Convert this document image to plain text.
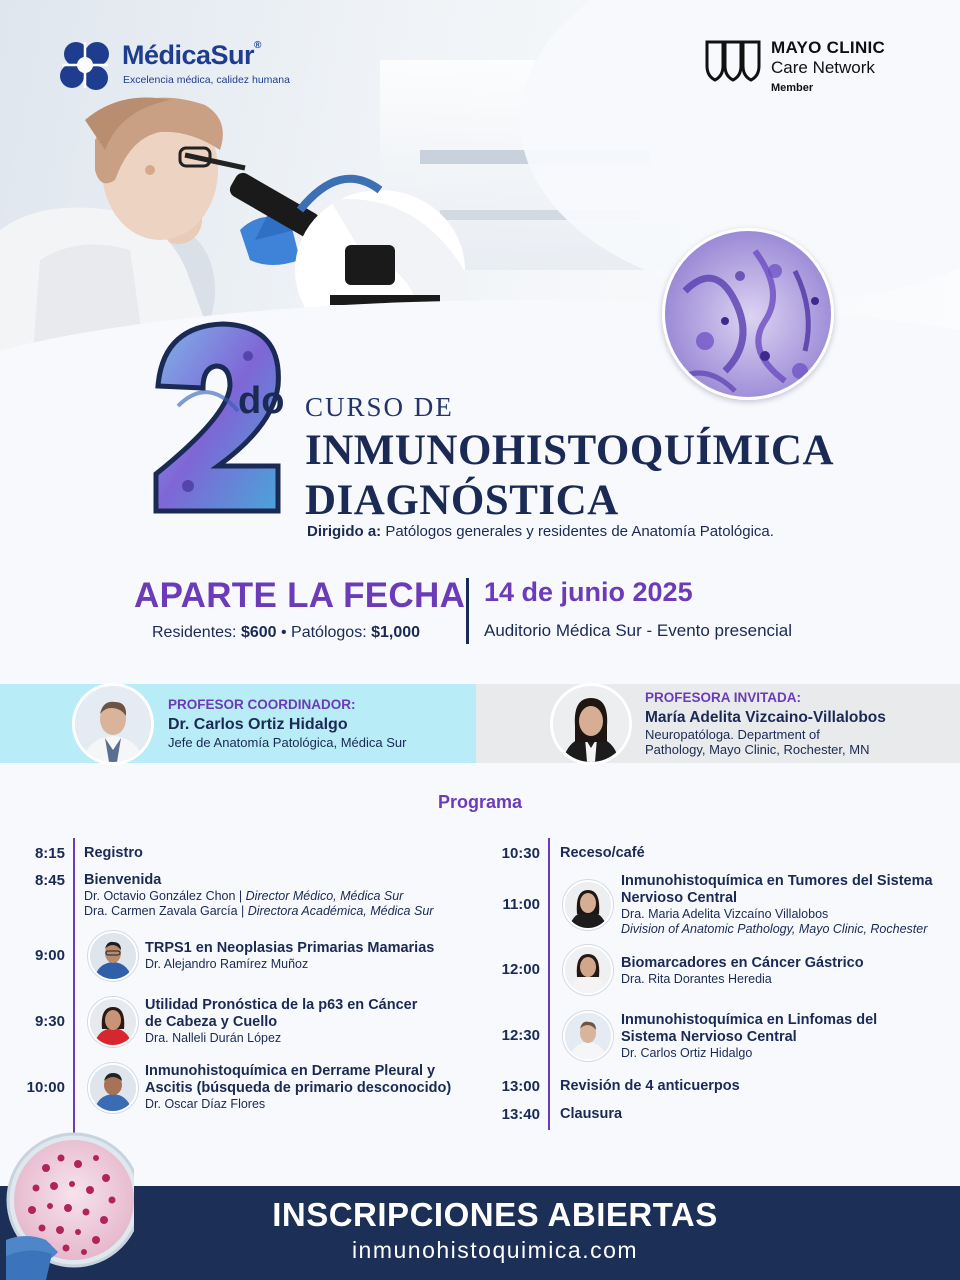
MédicaSur®
Excelencia médica, calidez humana
MAYO CLINIC
Care Network
Member
do CURSO DE
INMUNOHISTOQUÍMICA
DIAGNÓSTICA
Dirigido a: Patólogos generales y residentes de Anatomía Patológica.
APARTE LA FECHA
Residentes: $600 • Patólogos: $1,000
14 de junio 2025
Auditorio Médica Sur - Evento presencial
PROFESOR COORDINADOR:
Dr. Carlos Ortiz Hidalgo
Jefe de Anatomía Patológica, Médica Sur
PROFESORA INVITADA:
María Adelita Vizcaino-Villalobos
Neuropatóloga. Department of
Pathology, Mayo Clinic, Rochester, MN
Programa
8:15 Registro
8:45 Bienvenida
Dr. Octavio González Chon | Director Médico, Médica Sur
Dra. Carmen Zavala García | Directora Académica, Médica Sur
9:00	TRPS1 en Neoplasias Primarias Mamarias
Dr. Alejandro Ramírez Muñoz
9:30
Utilidad Pronóstica de la p63 en Cáncer
de Cabeza y Cuello
Dra. Nalleli Durán López
10:00
Inmunohistoquímica en Derrame Pleural y
Ascitis (búsqueda de primario desconocido)
Dr. Oscar Díaz Flores
10:30 Receso/café
11:00
Inmunohistoquímica en Tumores del Sistema
Nervioso Central
Dra. Maria Adelita Vizcaíno Villalobos
Division of Anatomic Pathology, Mayo Clinic, Rochester
12:00	Biomarcadores en Cáncer Gástrico
Dra. Rita Dorantes Heredia
12:30
Inmunohistoquímica en Linfomas del
Sistema Nervioso Central
Dr. Carlos Ortiz Hidalgo
13:00 Revisión de 4 anticuerpos
13:40 Clausura
INSCRIPCIONES ABIERTAS
inmunohistoquimica.com
